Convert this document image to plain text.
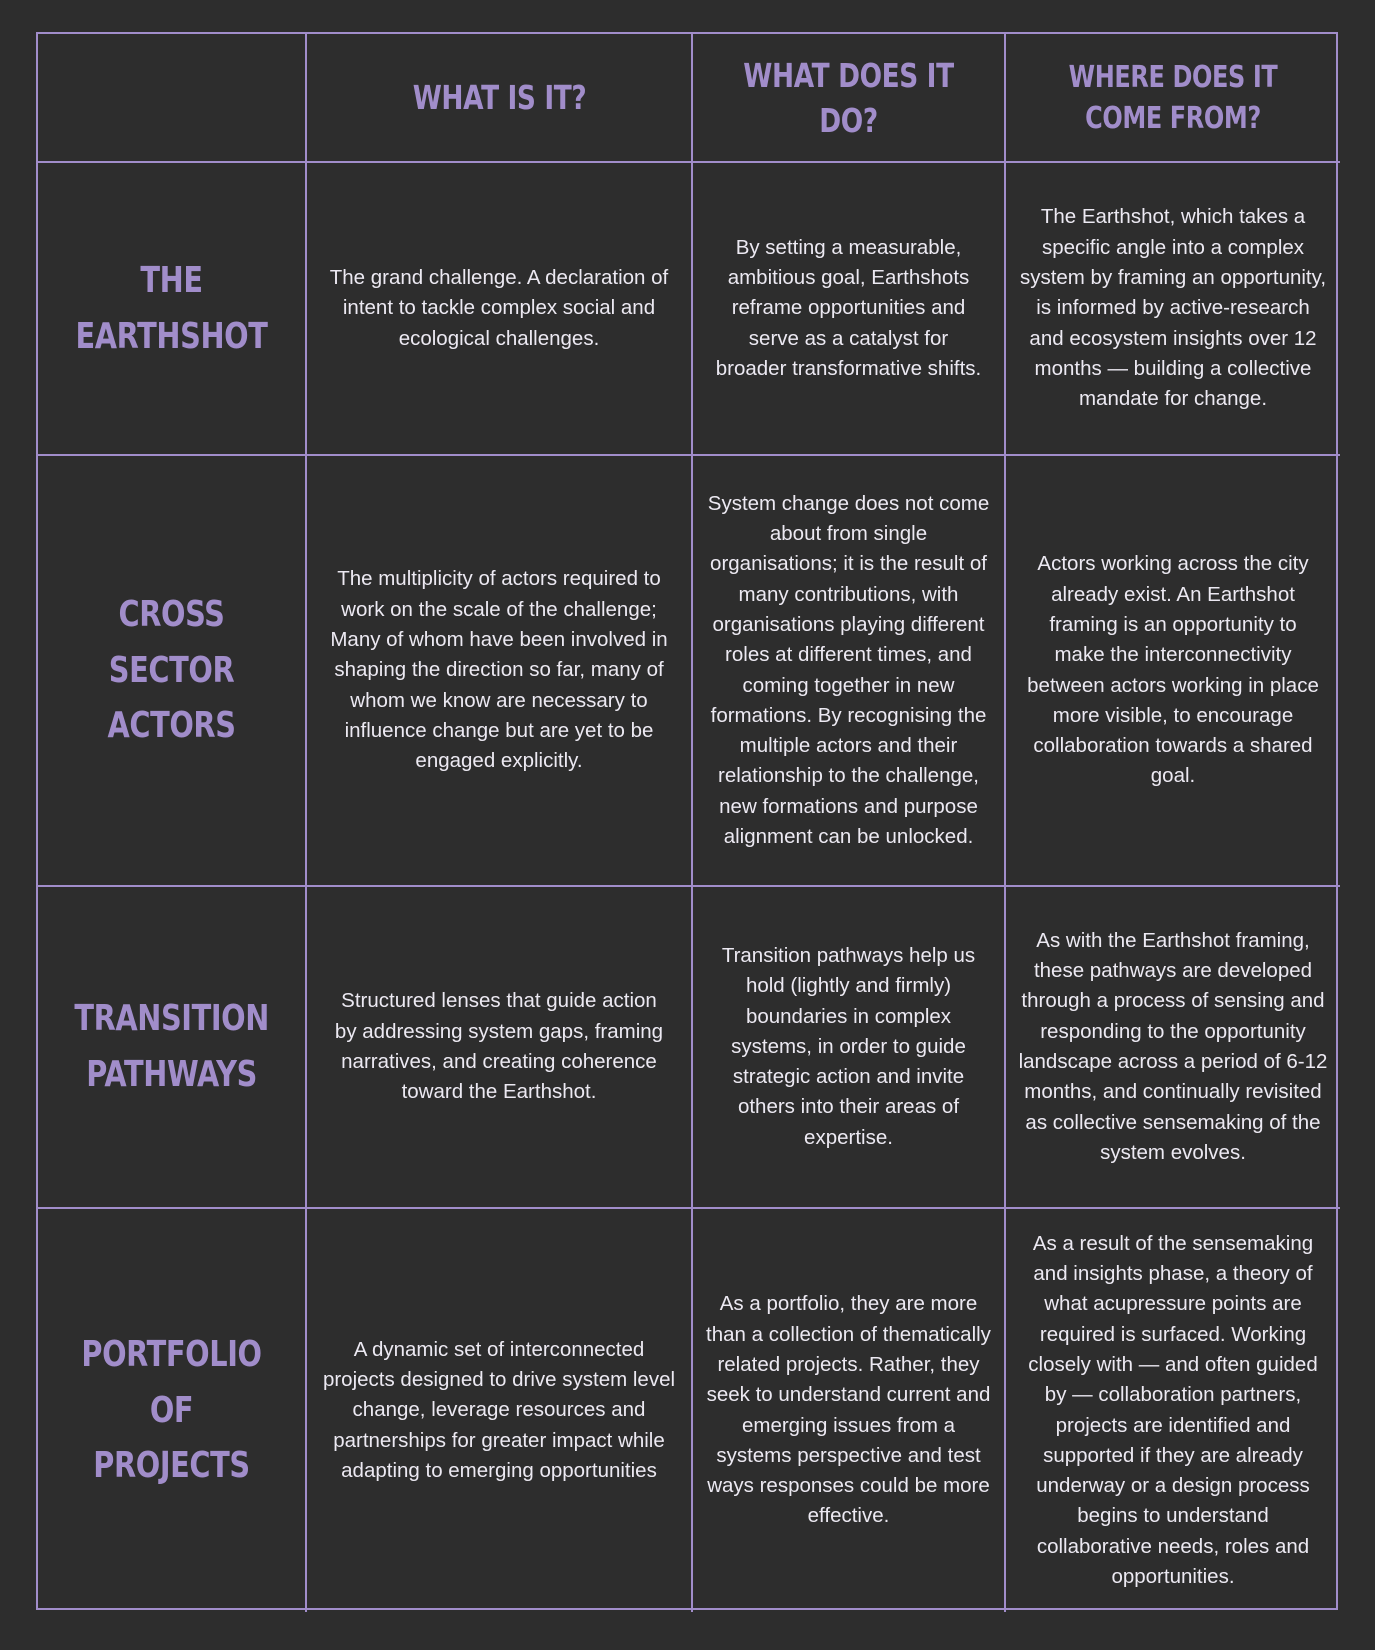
WHAT IS IT?
WHAT DOES IT DO?
WHERE DOES IT COME FROM?
THE EARTHSHOT
The grand challenge. A declaration of intent to tackle complex social and ecological challenges.
By setting a measurable, ambitious goal, Earthshots reframe opportunities and serve as a catalyst for broader transformative shifts.
The Earthshot, which takes a specific angle into a complex system by framing an opportunity, is informed by active-research and ecosystem insights over 12 months — building a collective mandate for change.
CROSS SECTOR ACTORS
The multiplicity of actors required to work on the scale of the challenge; Many of whom have been involved in shaping the direction so far, many of whom we know are necessary to influence change but are yet to be engaged explicitly.
System change does not come about from single organisations; it is the result of many contributions, with organisations playing different roles at different times, and coming together in new formations. By recognising the multiple actors and their relationship to the challenge, new formations and purpose alignment can be unlocked.
Actors working across the city already exist. An Earthshot framing is an opportunity to make the interconnectivity between actors working in place more visible, to encourage collaboration towards a shared goal.
TRANSITION PATHWAYS
Structured lenses that guide action by addressing system gaps, framing narratives, and creating coherence toward the Earthshot.
Transition pathways help us hold (lightly and firmly) boundaries in complex systems, in order to guide strategic action and invite others into their areas of expertise.
As with the Earthshot framing, these pathways are developed through a process of sensing and responding to the opportunity landscape across a period of 6-12 months, and continually revisited as collective sensemaking of the system evolves.
PORTFOLIO OF PROJECTS
A dynamic set of interconnected projects designed to drive system level change, leverage resources and partnerships for greater impact while adapting to emerging opportunities
As a portfolio, they are more than a collection of thematically related projects. Rather, they seek to understand current and emerging issues from a systems perspective and test ways responses could be more effective.
As a result of the sensemaking and insights phase, a theory of what acupressure points are required is surfaced. Working closely with — and often guided by — collaboration partners, projects are identified and supported if they are already underway or a design process begins to understand collaborative needs, roles and opportunities.
